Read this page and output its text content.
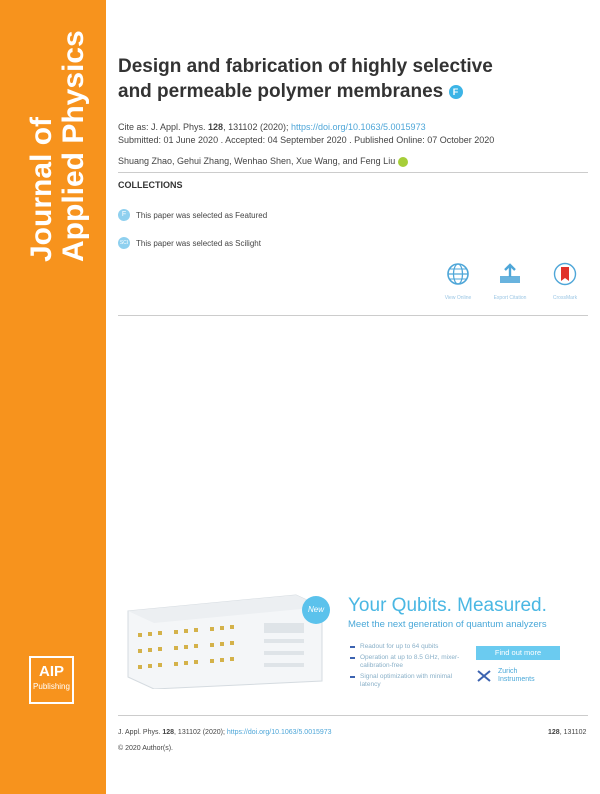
Journal of Applied Physics
AIP
Publishing
Design and fabrication of highly selective
and permeable polymer membranes F
Cite as: J. Appl. Phys. 128, 131102 (2020); https://doi.org/10.1063/5.0015973
Submitted: 01 June 2020 . Accepted: 04 September 2020 . Published Online: 07 October 2020
Shuang Zhao, Gehui Zhang, Wenhao Shen, Xue Wang, and Feng Liu
COLLECTIONS
F	This paper was selected as Featured
SCI This paper was selected as Scilight
View Online	Export Citation	CrossMark
New	Your Qubits. Measured.
Meet the next generation of quantum analyzers
Readout for up to 64 qubits
Operation at up to 8.5 GHz, mixer-calibration-free
Signal optimization with minimal latency
Find out more
Zurich
Instruments
J. Appl. Phys. 128, 131102 (2020); https://doi.org/10.1063/5.0015973	128, 131102
© 2020 Author(s).
